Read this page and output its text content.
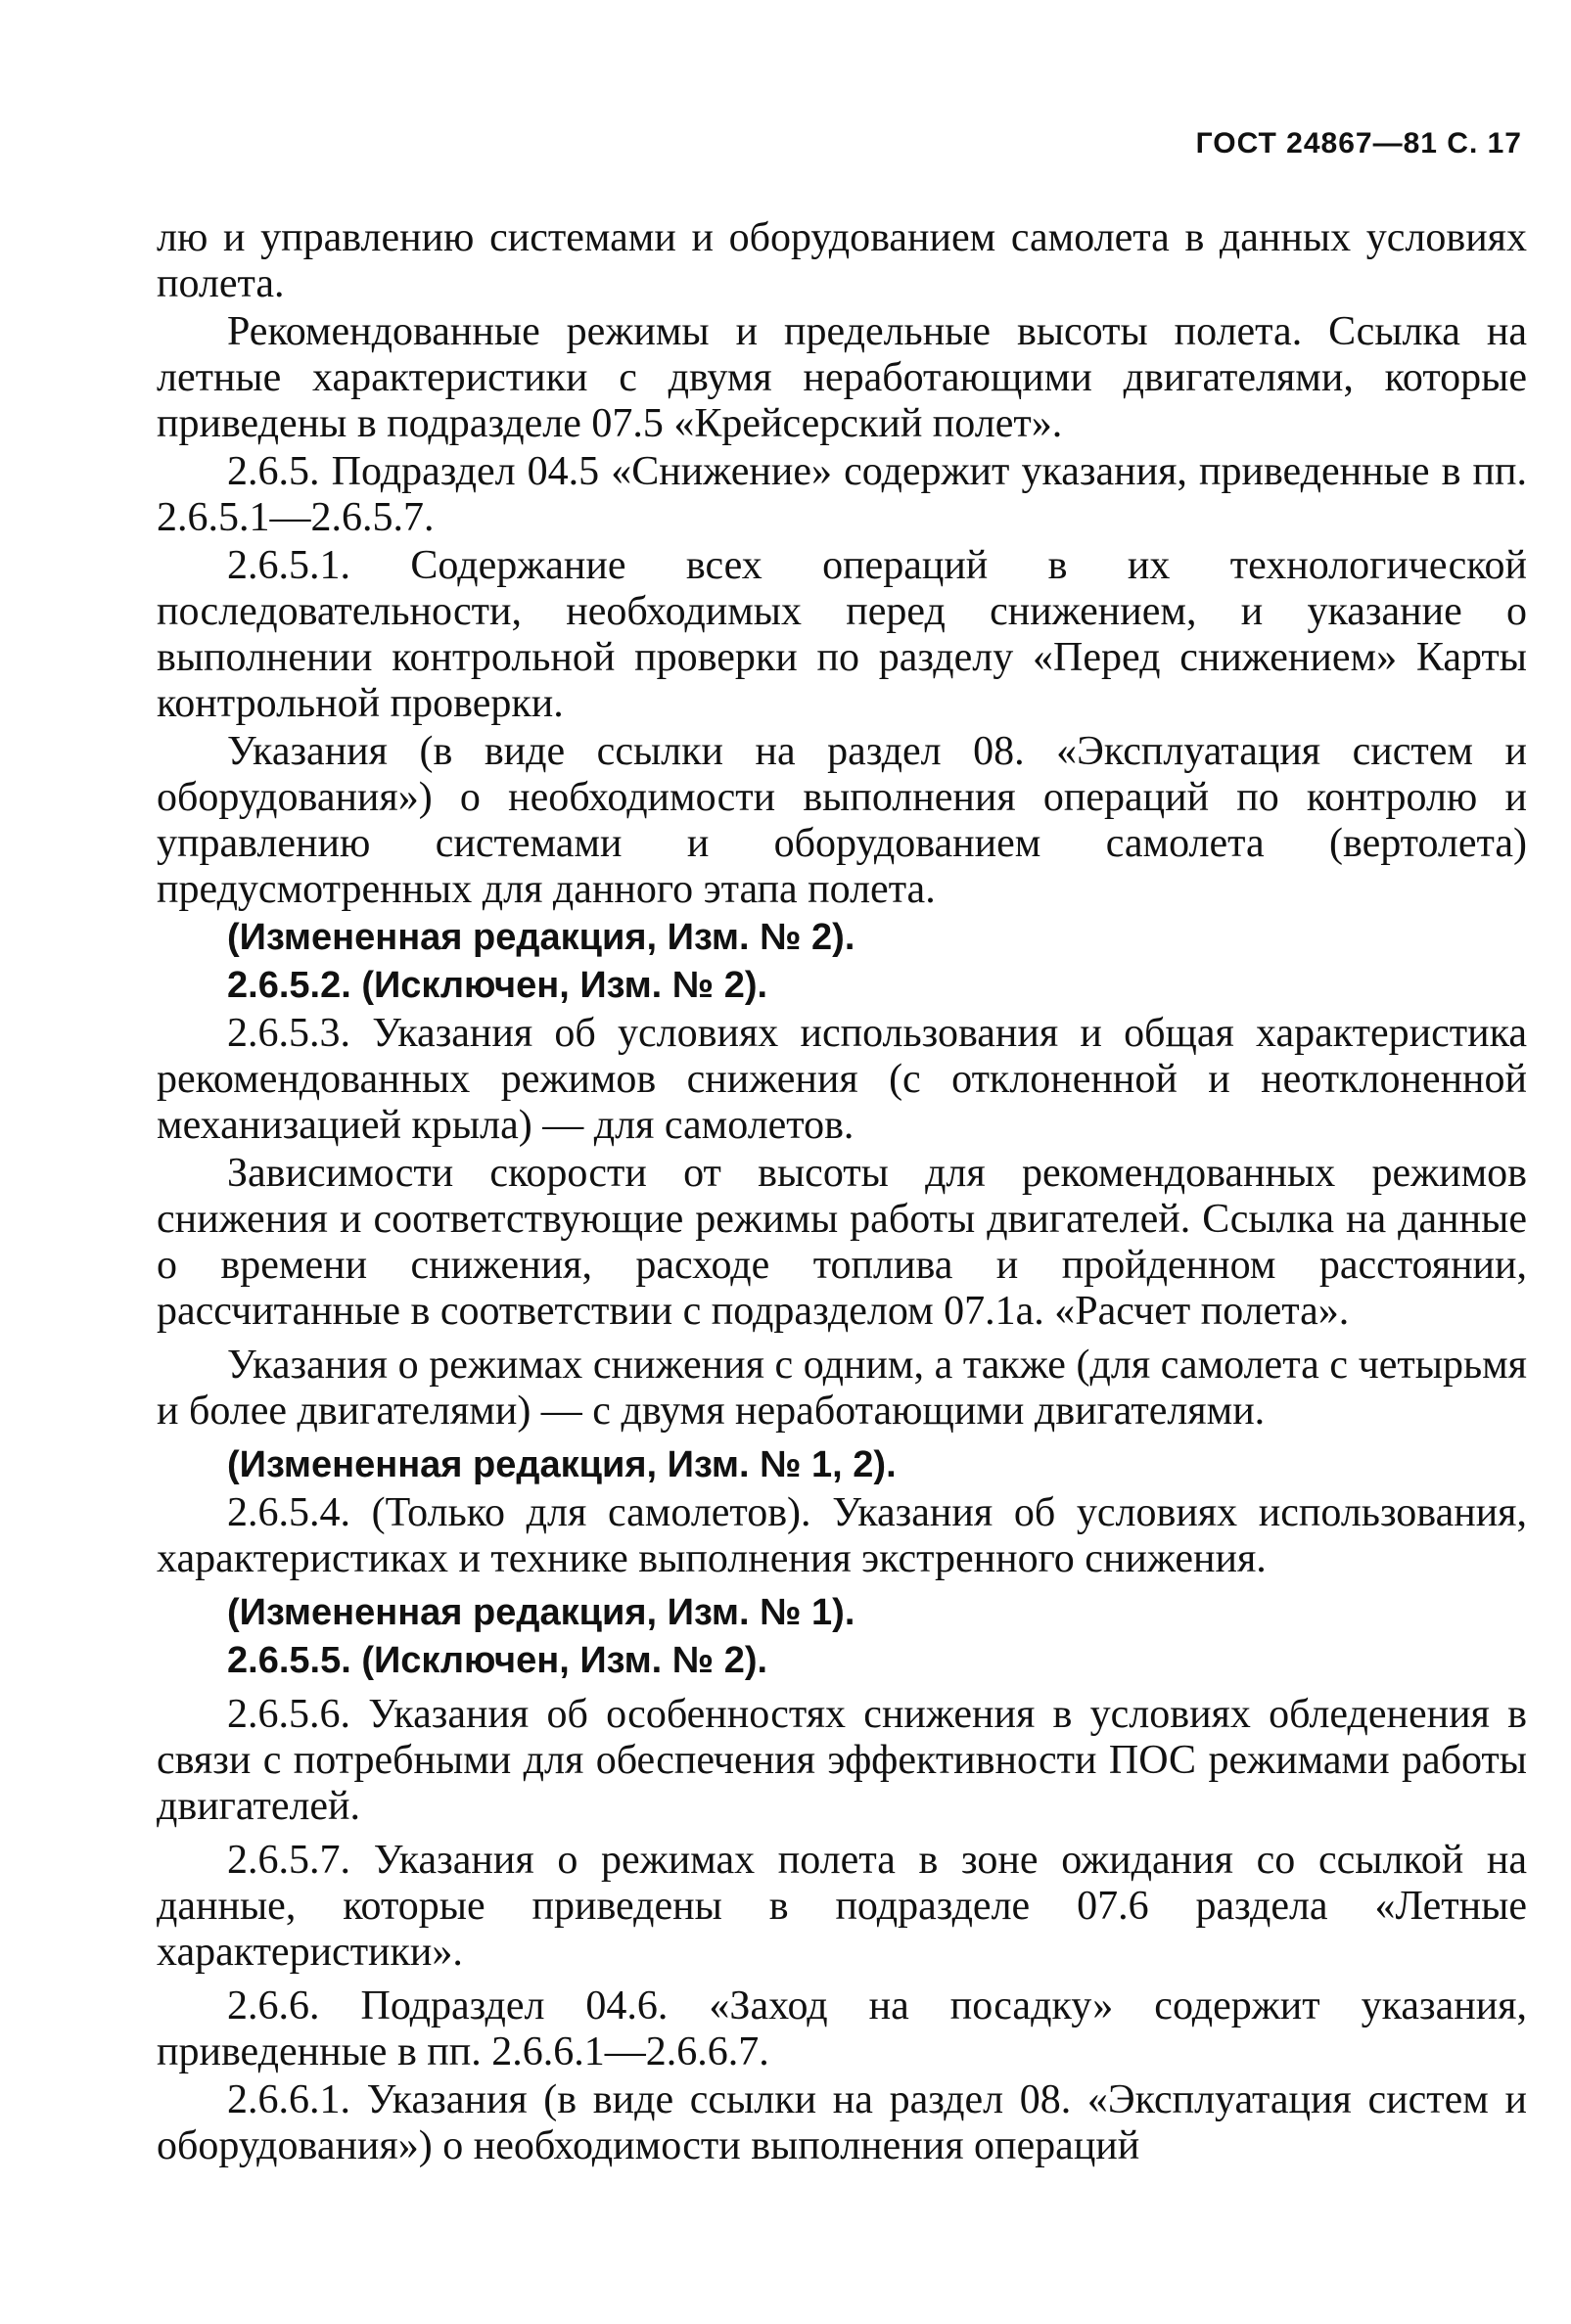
ГОСТ 24867—81 С. 17

лю и управлению системами и оборудованием самолета в данных условиях полета.

Рекомендованные режимы и предельные высоты полета. Ссылка на летные характеристики с двумя неработающими двигателями, которые приведены в подразделе 07.5 «Крейсерский полет».

2.6.5. Подраздел 04.5 «Снижение» содержит указания, приведенные в пп. 2.6.5.1—2.6.5.7.

2.6.5.1. Содержание всех операций в их технологической последовательности, необходимых перед снижением, и указание о выполнении контрольной проверки по разделу «Перед снижением» Карты контрольной проверки.

Указания (в виде ссылки на раздел 08. «Эксплуатация систем и оборудования») о необходимости выполнения операций по контролю и управлению системами и оборудованием самолета (вертолета) предусмотренных для данного этапа полета.

(Измененная редакция, Изм. № 2).

2.6.5.2. (Исключен, Изм. № 2).

2.6.5.3. Указания об условиях использования и общая характеристика рекомендованных режимов снижения (с отклоненной и неотклоненной механизацией крыла) — для самолетов.

Зависимости скорости от высоты для рекомендованных режимов снижения и соответствующие режимы работы двигателей. Ссылка на данные о времени снижения, расходе топлива и пройденном расстоянии, рассчитанные в соответствии с подразделом 07.1а. «Расчет полета».

Указания о режимах снижения с одним, а также (для самолета с четырьмя и более двигателями) — с двумя неработающими двигателями.

(Измененная редакция, Изм. № 1, 2).

2.6.5.4. (Только для самолетов). Указания об условиях использования, характеристиках и технике выполнения экстренного снижения.

(Измененная редакция, Изм. № 1).

2.6.5.5. (Исключен, Изм. № 2).

2.6.5.6. Указания об особенностях снижения в условиях обледенения в связи с потребными для обеспечения эффективности ПОС режимами работы двигателей.

2.6.5.7. Указания о режимах полета в зоне ожидания со ссылкой на данные, которые приведены в подразделе 07.6 раздела «Летные характеристики».

2.6.6. Подраздел 04.6. «Заход на посадку» содержит указания, приведенные в пп. 2.6.6.1—2.6.6.7.

2.6.6.1. Указания (в виде ссылки на раздел 08. «Эксплуатация систем и оборудования») о необходимости выполнения операций
